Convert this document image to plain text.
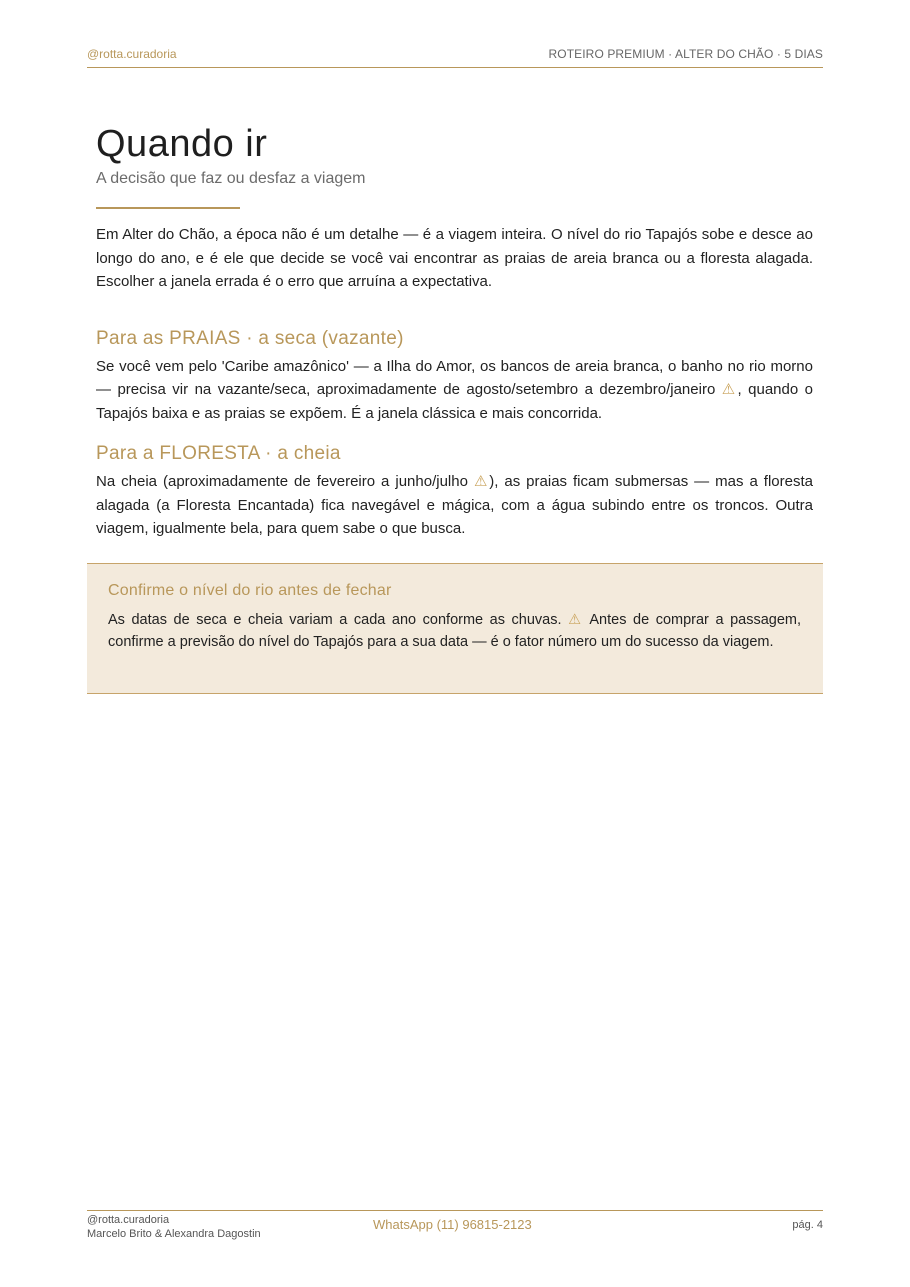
@rotta.curadoria	ROTEIRO PREMIUM · ALTER DO CHÃO · 5 DIAS
Quando ir

A decisão que faz ou desfaz a viagem

Em Alter do Chão, a época não é um detalhe — é a viagem inteira. O nível do rio Tapajós sobe e desce ao longo do ano, e é ele que decide se você vai encontrar as praias de areia branca ou a floresta alagada. Escolher a janela errada é o erro que arruína a expectativa.

Para as PRAIAS · a seca (vazante)

Se você vem pelo 'Caribe amazônico' — a Ilha do Amor, os bancos de areia branca, o banho no rio morno — precisa vir na vazante/seca, aproximadamente de agosto/setembro a dezembro/janeiro ⚠, quando o Tapajós baixa e as praias se expõem. É a janela clássica e mais concorrida.

Para a FLORESTA · a cheia

Na cheia (aproximadamente de fevereiro a junho/julho ⚠), as praias ficam submersas — mas a floresta alagada (a Floresta Encantada) fica navegável e mágica, com a água subindo entre os troncos. Outra viagem, igualmente bela, para quem sabe o que busca.

Confirme o nível do rio antes de fechar

As datas de seca e cheia variam a cada ano conforme as chuvas. ⚠ Antes de comprar a passagem, confirme a previsão do nível do Tapajós para a sua data — é o fator número um do sucesso da viagem.

@rotta.curadoria
Marcelo Brito & Alexandra Dagostin
WhatsApp (11) 96815-2123	pág. 4
